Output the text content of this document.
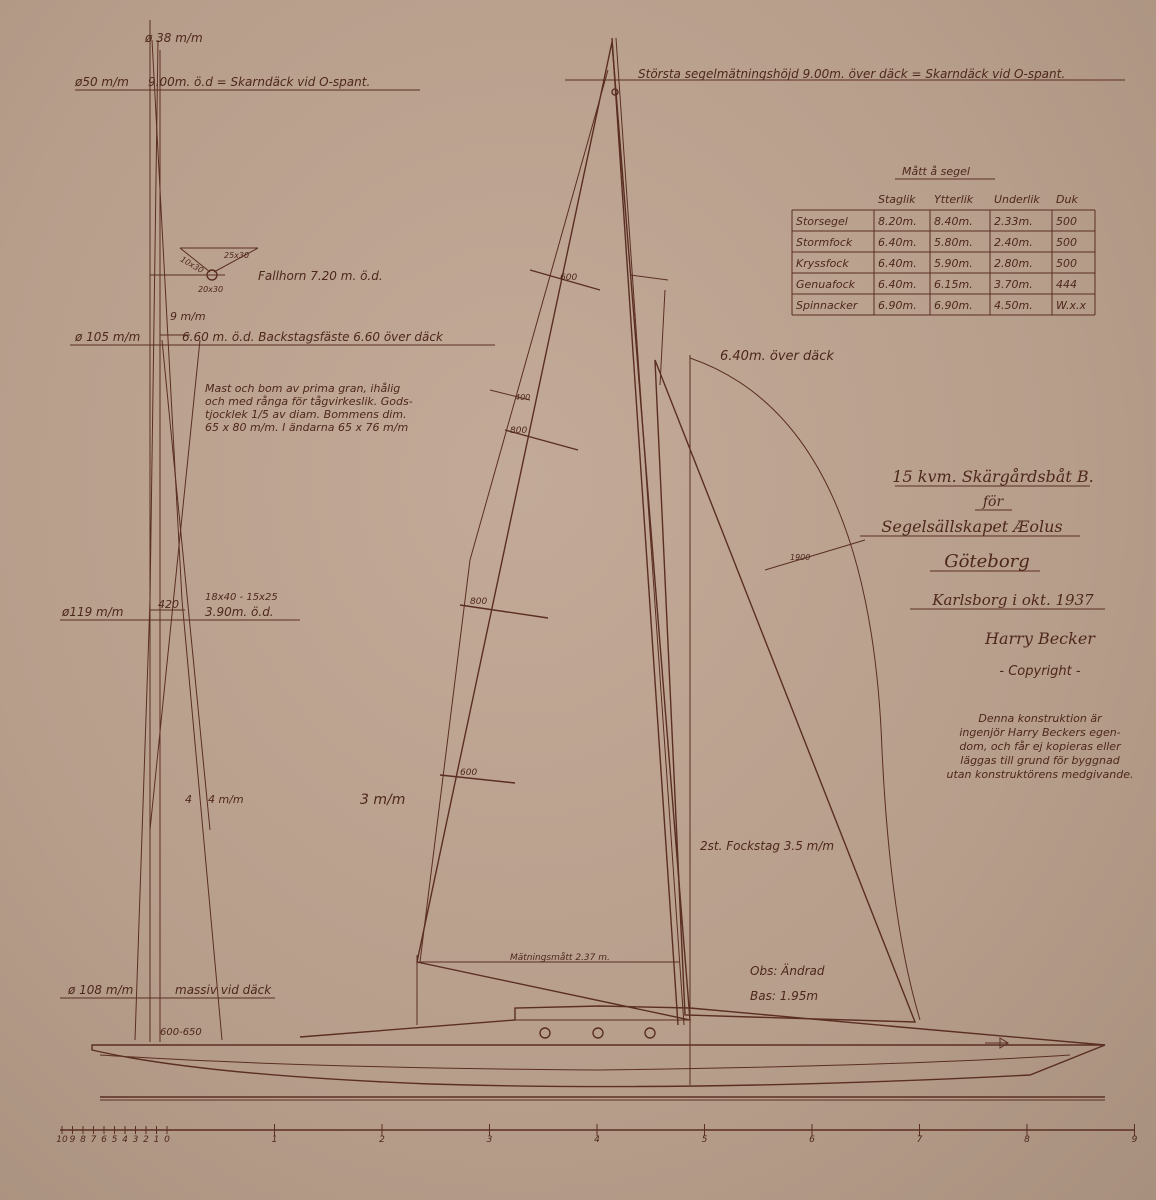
ø 38 m/m
ø50 m/m 9.00m. ö.d = Skarndäck vid O-spant.
10x30 25x30
20x30
Fallhorn 7.20 m. ö.d.
9 m/m
ø 105 m/m	6.60 m. ö.d. Backstagsfäste 6.60 över däck
Mast och bom av prima gran, ihålig
och med rånga för tågvirkeslik. Gods-
tjocklek 1/5 av diam. Bommens dim.
65 x 80 m/m. I ändarna 65 x 76 m/m
420
18x40 - 15x25
3.90m. ö.d.
ø119 m/m
4 4 m/m
ø 108 m/m	massiv vid däck
600-650
Största segelmätningshöjd 9.00m. över däck = Skarndäck vid O-spant.
600
400
800
800
600
3 m/m
6.40m. över däck
1900
2st. Fockstag 3.5 m/m
Mätningsmått 2.37 m.
Obs: Ändrad
Bas: 1.95m
10 9 8 7 6 5 4 3 2 1 0	1	2	3	4	5	6	7	8	9
Mått å segel
Staglik Ytterlik Underlik Duk
Storsegel	8.20m. 8.40m. 2.33m. 500
Stormfock 6.40m. 5.80m. 2.40m. 500
Kryssfock	6.40m. 5.90m. 2.80m. 500
Genuafock 6.40m. 6.15m. 3.70m. 444
Spinnacker 6.90m. 6.90m. 4.50m. W.x.x
15 kvm. Skärgårdsbåt B.
för
Segelsällskapet Æolus
Göteborg
Karlsborg i okt. 1937
Harry Becker
- Copyright -
Denna konstruktion är
ingenjör Harry Beckers egen-
dom, och får ej kopieras eller
läggas till grund för byggnad
utan konstruktörens medgivande.
